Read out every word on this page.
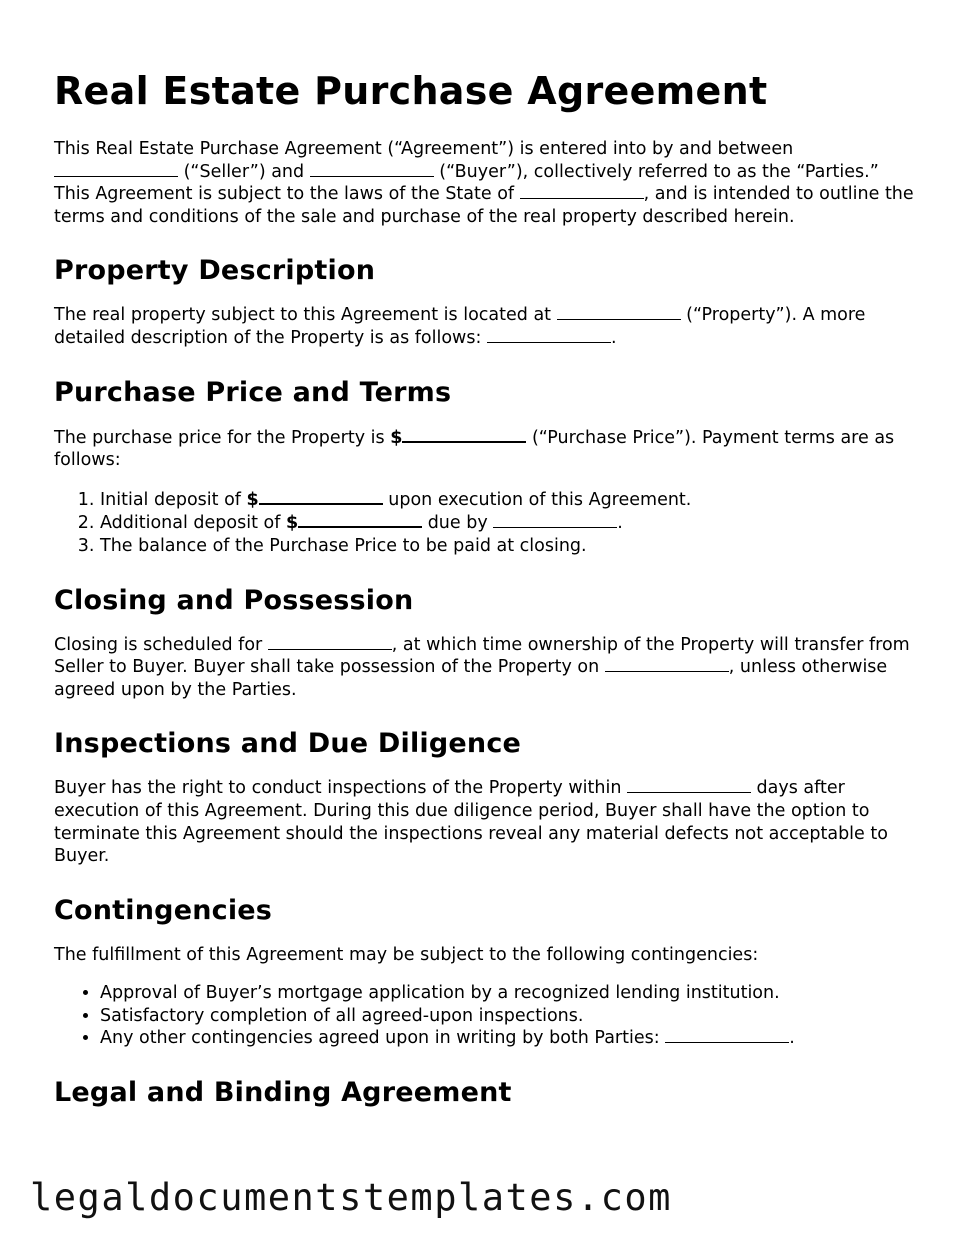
Real Estate Purchase Agreement

This Real Estate Purchase Agreement (“Agreement”) is entered into by and between  (“Seller”) and	(“Buyer”), collectively referred to as the “Parties.” This Agreement is subject to the laws of the State of	, and is intended to outline the terms and conditions of the sale and purchase of the real property described herein.

Property Description

The real property subject to this Agreement is located at	(“Property”). A more detailed description of the Property is as follows:	.

Purchase Price and Terms

The purchase price for the Property is $	(“Purchase Price”). Payment terms are as follows:

1. Initial deposit of $	upon execution of this Agreement.
2. Additional deposit of $	due by	.
3. The balance of the Purchase Price to be paid at closing.
Closing and Possession

Closing is scheduled for	, at which time ownership of the Property will transfer from Seller to Buyer. Buyer shall take possession of the Property on	, unless otherwise agreed upon by the Parties.

Inspections and Due Diligence

Buyer has the right to conduct inspections of the Property within	days after execution of this Agreement. During this due diligence period, Buyer shall have the option to terminate this Agreement should the inspections reveal any material defects not acceptable to Buyer.

Contingencies

The fulfillment of this Agreement may be subject to the following contingencies:

• Approval of Buyer’s mortgage application by a recognized lending institution.
• Satisfactory completion of all agreed-upon inspections.
• Any other contingencies agreed upon in writing by both Parties:	.
Legal and Binding Agreement
legaldocumentstemplates.com
